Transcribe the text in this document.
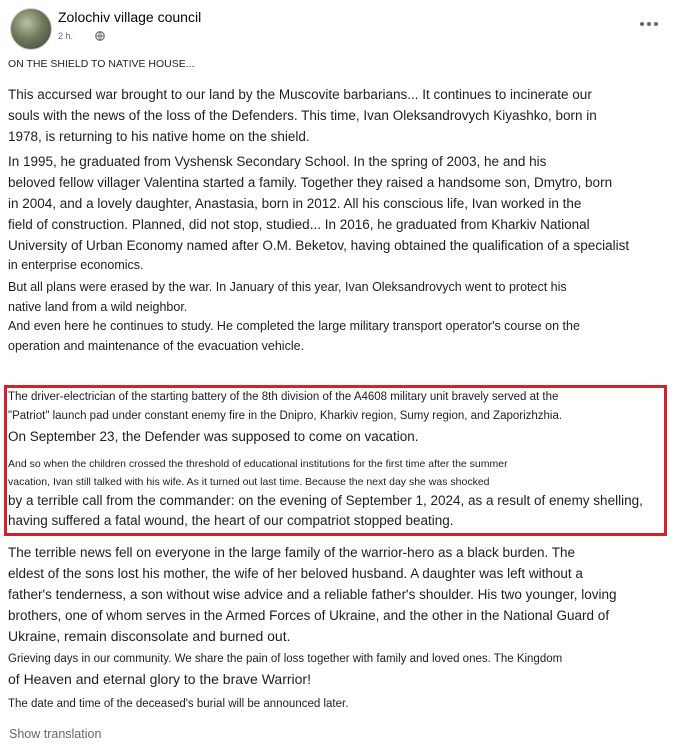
Zolochiv village council
2 h.
ON THE SHIELD TO NATIVE HOUSE...
This accursed war brought to our land by the Muscovite barbarians... It continues to incinerate our
souls with the news of the loss of the Defenders. This time, Ivan Oleksandrovych Kiyashko, born in
1978, is returning to his native home on the shield.
In 1995, he graduated from Vyshensk Secondary School. In the spring of 2003, he and his
beloved fellow villager Valentina started a family. Together they raised a handsome son, Dmytro, born
in 2004, and a lovely daughter, Anastasia, born in 2012. All his conscious life, Ivan worked in the
field of construction. Planned, did not stop, studied... In 2016, he graduated from Kharkiv National
University of Urban Economy named after O.M. Beketov, having obtained the qualification of a specialist
in enterprise economics.
But all plans were erased by the war. In January of this year, Ivan Oleksandrovych went to protect his
native land from a wild neighbor.
And even here he continues to study. He completed the large military transport operator's course on the
operation and maintenance of the evacuation vehicle.
The driver-electrician of the starting battery of the 8th division of the A4608 military unit bravely served at the
"Patriot" launch pad under constant enemy fire in the Dnipro, Kharkiv region, Sumy region, and Zaporizhzhia.
On September 23, the Defender was supposed to come on vacation.
And so when the children crossed the threshold of educational institutions for the first time after the summer
vacation, Ivan still talked with his wife. As it turned out last time. Because the next day she was shocked
by a terrible call from the commander: on the evening of September 1, 2024, as a result of enemy shelling,
having suffered a fatal wound, the heart of our compatriot stopped beating.
The terrible news fell on everyone in the large family of the warrior-hero as a black burden. The
eldest of the sons lost his mother, the wife of her beloved husband. A daughter was left without a
father's tenderness, a son without wise advice and a reliable father's shoulder. His two younger, loving
brothers, one of whom serves in the Armed Forces of Ukraine, and the other in the National Guard of
Ukraine, remain disconsolate and burned out.
Grieving days in our community. We share the pain of loss together with family and loved ones. The Kingdom
of Heaven and eternal glory to the brave Warrior!
The date and time of the deceased's burial will be announced later.
Show translation
